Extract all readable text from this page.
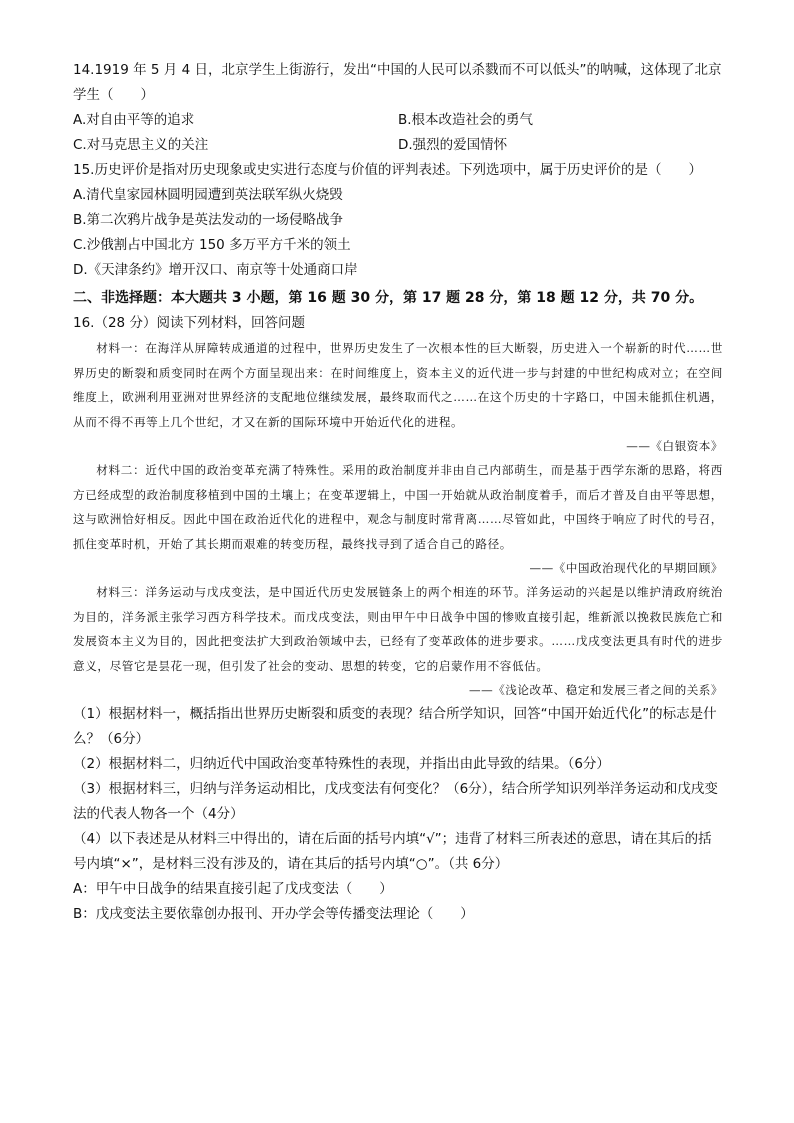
14.1919 年 5 月 4 日，北京学生上街游行，发出“中国的人民可以杀戮而不可以低头”的呐喊，这体现了北京学生（　　）
A.对自由平等的追求	B.根本改造社会的勇气
C.对马克思主义的关注	D.强烈的爱国情怀
15.历史评价是指对历史现象或史实进行态度与价值的评判表述。下列选项中，属于历史评价的是（　　）
A.清代皇家园林圆明园遭到英法联军纵火烧毁
B.第二次鸦片战争是英法发动的一场侵略战争
C.沙俄割占中国北方 150 多万平方千米的领土
D.《天津条约》增开汉口、南京等十处通商口岸
二、非选择题：本大题共 3 小题，第 16 题 30 分，第 17 题 28 分，第 18 题 12 分，共 70 分。
16.（28 分）阅读下列材料，回答问题

材料一：在海洋从屏障转成通道的过程中，世界历史发生了一次根本性的巨大断裂，历史进入一个崭新的时代……世界历史的断裂和质变同时在两个方面呈现出来：在时间维度上，资本主义的近代进一步与封建的中世纪构成对立；在空间维度上，欧洲利用亚洲对世界经济的支配地位继续发展，最终取而代之……在这个历史的十字路口，中国未能抓住机遇，从而不得不再等上几个世纪，才又在新的国际环境中开始近代化的进程。

——《白银资本》

材料二：近代中国的政治变革充满了特殊性。采用的政治制度并非由自己内部萌生，而是基于西学东渐的思路，将西方已经成型的政治制度移植到中国的土壤上；在变革逻辑上，中国一开始就从政治制度着手，而后才普及自由平等思想，这与欧洲恰好相反。因此中国在政治近代化的进程中，观念与制度时常背离……尽管如此，中国终于响应了时代的号召，抓住变革时机，开始了其长期而艰难的转变历程，最终找寻到了适合自己的路径。

——《中国政治现代化的早期回顾》

材料三：洋务运动与戊戌变法，是中国近代历史发展链条上的两个相连的环节。洋务运动的兴起是以维护清政府统治为目的，洋务派主张学习西方科学技术。而戊戌变法，则由甲午中日战争中国的惨败直接引起，维新派以挽救民族危亡和发展资本主义为目的，因此把变法扩大到政治领域中去，已经有了变革政体的进步要求。……戊戌变法更具有时代的进步意义，尽管它是昙花一现，但引发了社会的变动、思想的转变，它的启蒙作用不容低估。

——《浅论改革、稳定和发展三者之间的关系》

（1）根据材料一，概括指出世界历史断裂和质变的表现？结合所学知识，回答“中国开始近代化”的标志是什么？（6分）
（2）根据材料二，归纳近代中国政治变革特殊性的表现，并指出由此导致的结果。（6分）
（3）根据材料三，归纳与洋务运动相比，戊戌变法有何变化？（6分），结合所学知识列举洋务运动和戊戌变法的代表人物各一个（4分）
（4）以下表述是从材料三中得出的，请在后面的括号内填“√”；违背了材料三所表述的意思，请在其后的括号内填“×”，是材料三没有涉及的，请在其后的括号内填“○”。（共 6分）
A：甲午中日战争的结果直接引起了戊戌变法（　　）
B：戊戌变法主要依靠创办报刊、开办学会等传播变法理论（　　）
